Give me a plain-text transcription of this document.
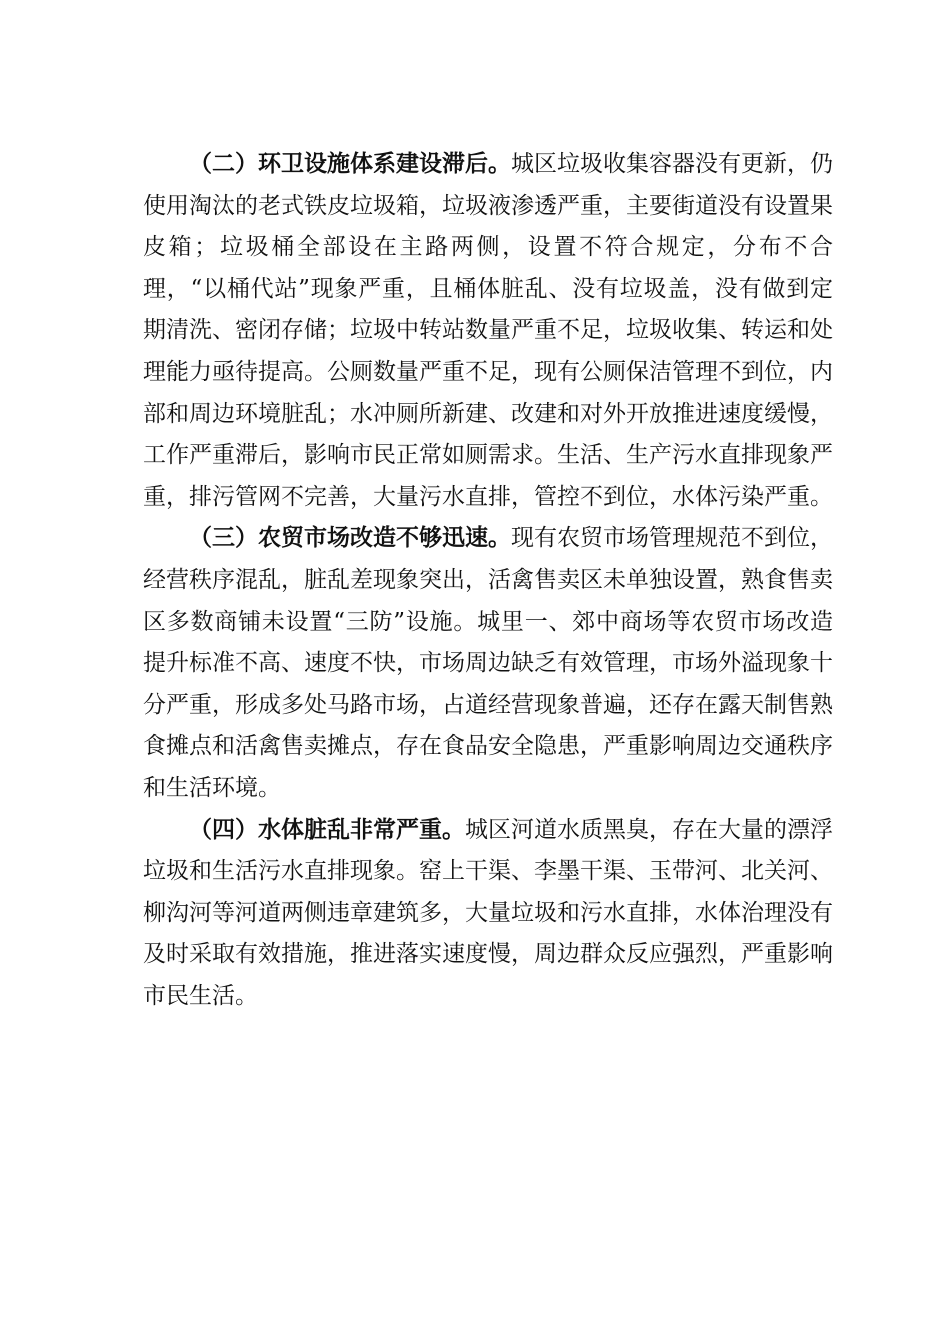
（二）环卫设施体系建设滞后。城区垃圾收集容器没有更新，仍使用淘汰的老式铁皮垃圾箱，垃圾液渗透严重，主要街道没有设置果皮箱；垃圾桶全部设在主路两侧，设置不符合规定，分布不合理，“以桶代站”现象严重，且桶体脏乱、没有垃圾盖，没有做到定期清洗、密闭存储；垃圾中转站数量严重不足，垃圾收集、转运和处理能力亟待提高。公厕数量严重不足，现有公厕保洁管理不到位，内部和周边环境脏乱；水冲厕所新建、改建和对外开放推进速度缓慢，工作严重滞后，影响市民正常如厕需求。生活、生产污水直排现象严重，排污管网不完善，大量污水直排，管控不到位，水体污染严重。

（三）农贸市场改造不够迅速。现有农贸市场管理规范不到位，经营秩序混乱，脏乱差现象突出，活禽售卖区未单独设置，熟食售卖区多数商铺未设置“三防”设施。城里一、郊中商场等农贸市场改造提升标准不高、速度不快，市场周边缺乏有效管理，市场外溢现象十分严重，形成多处马路市场，占道经营现象普遍，还存在露天制售熟食摊点和活禽售卖摊点，存在食品安全隐患，严重影响周边交通秩序和生活环境。

（四）水体脏乱非常严重。城区河道水质黑臭，存在大量的漂浮垃圾和生活污水直排现象。窑上干渠、李墨干渠、玉带河、北关河、柳沟河等河道两侧违章建筑多，大量垃圾和污水直排，水体治理没有及时采取有效措施，推进落实速度慢，周边群众反应强烈，严重影响市民生活。
